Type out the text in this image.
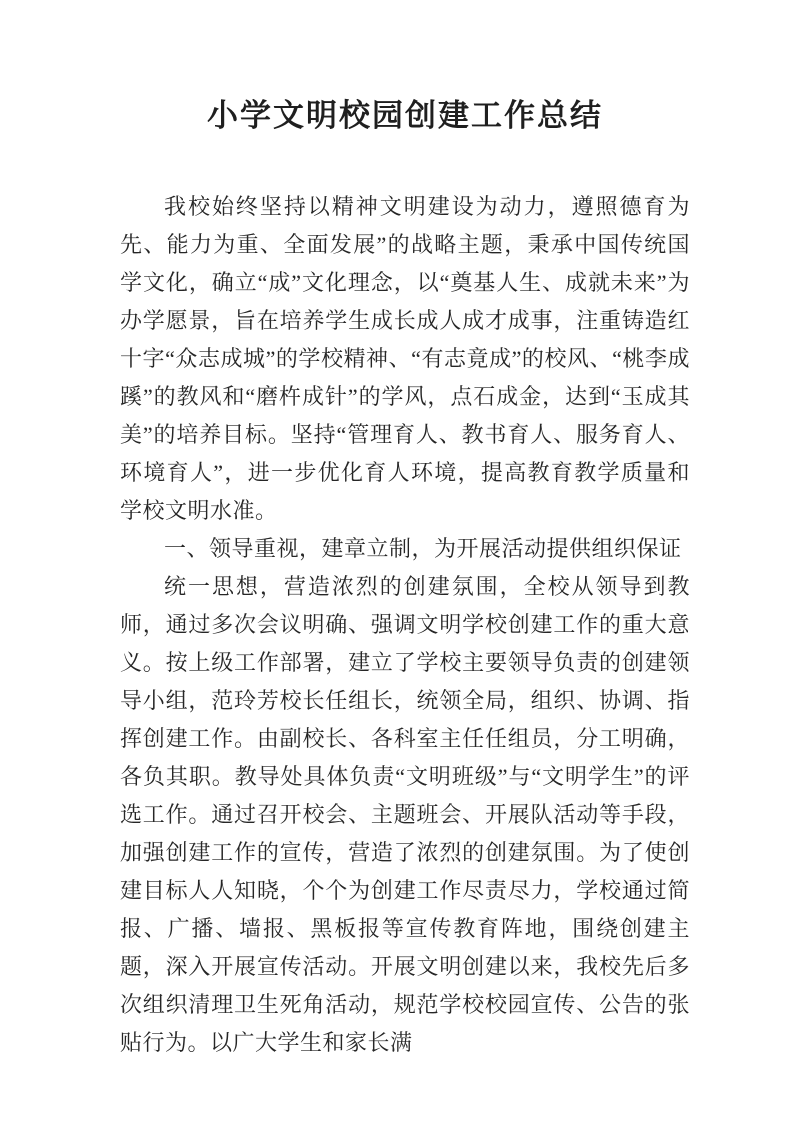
小学文明校园创建工作总结

我校始终坚持以精神文明建设为动力，遵照德育为先、能力为重、全面发展”的战略主题，秉承中国传统国学文化，确立“成”文化理念，以“奠基人生、成就未来”为办学愿景，旨在培养学生成长成人成才成事，注重铸造红十字“众志成城”的学校精神、“有志竟成”的校风、“桃李成蹊”的教风和“磨杵成针”的学风，点石成金，达到“玉成其美”的培养目标。坚持“管理育人、教书育人、服务育人、环境育人”，进一步优化育人环境，提高教育教学质量和学校文明水准。

一、领导重视，建章立制，为开展活动提供组织保证

统一思想，营造浓烈的创建氛围，全校从领导到教师，通过多次会议明确、强调文明学校创建工作的重大意义。按上级工作部署，建立了学校主要领导负责的创建领导小组，范玲芳校长任组长，统领全局，组织、协调、指挥创建工作。由副校长、各科室主任任组员，分工明确，各负其职。教导处具体负责“文明班级”与“文明学生”的评选工作。通过召开校会、主题班会、开展队活动等手段，加强创建工作的宣传，营造了浓烈的创建氛围。为了使创建目标人人知晓，个个为创建工作尽责尽力，学校通过简报、广播、墙报、黑板报等宣传教育阵地，围绕创建主题，深入开展宣传活动。开展文明创建以来，我校先后多次组织清理卫生死角活动，规范学校校园宣传、公告的张贴行为。以广大学生和家长满
